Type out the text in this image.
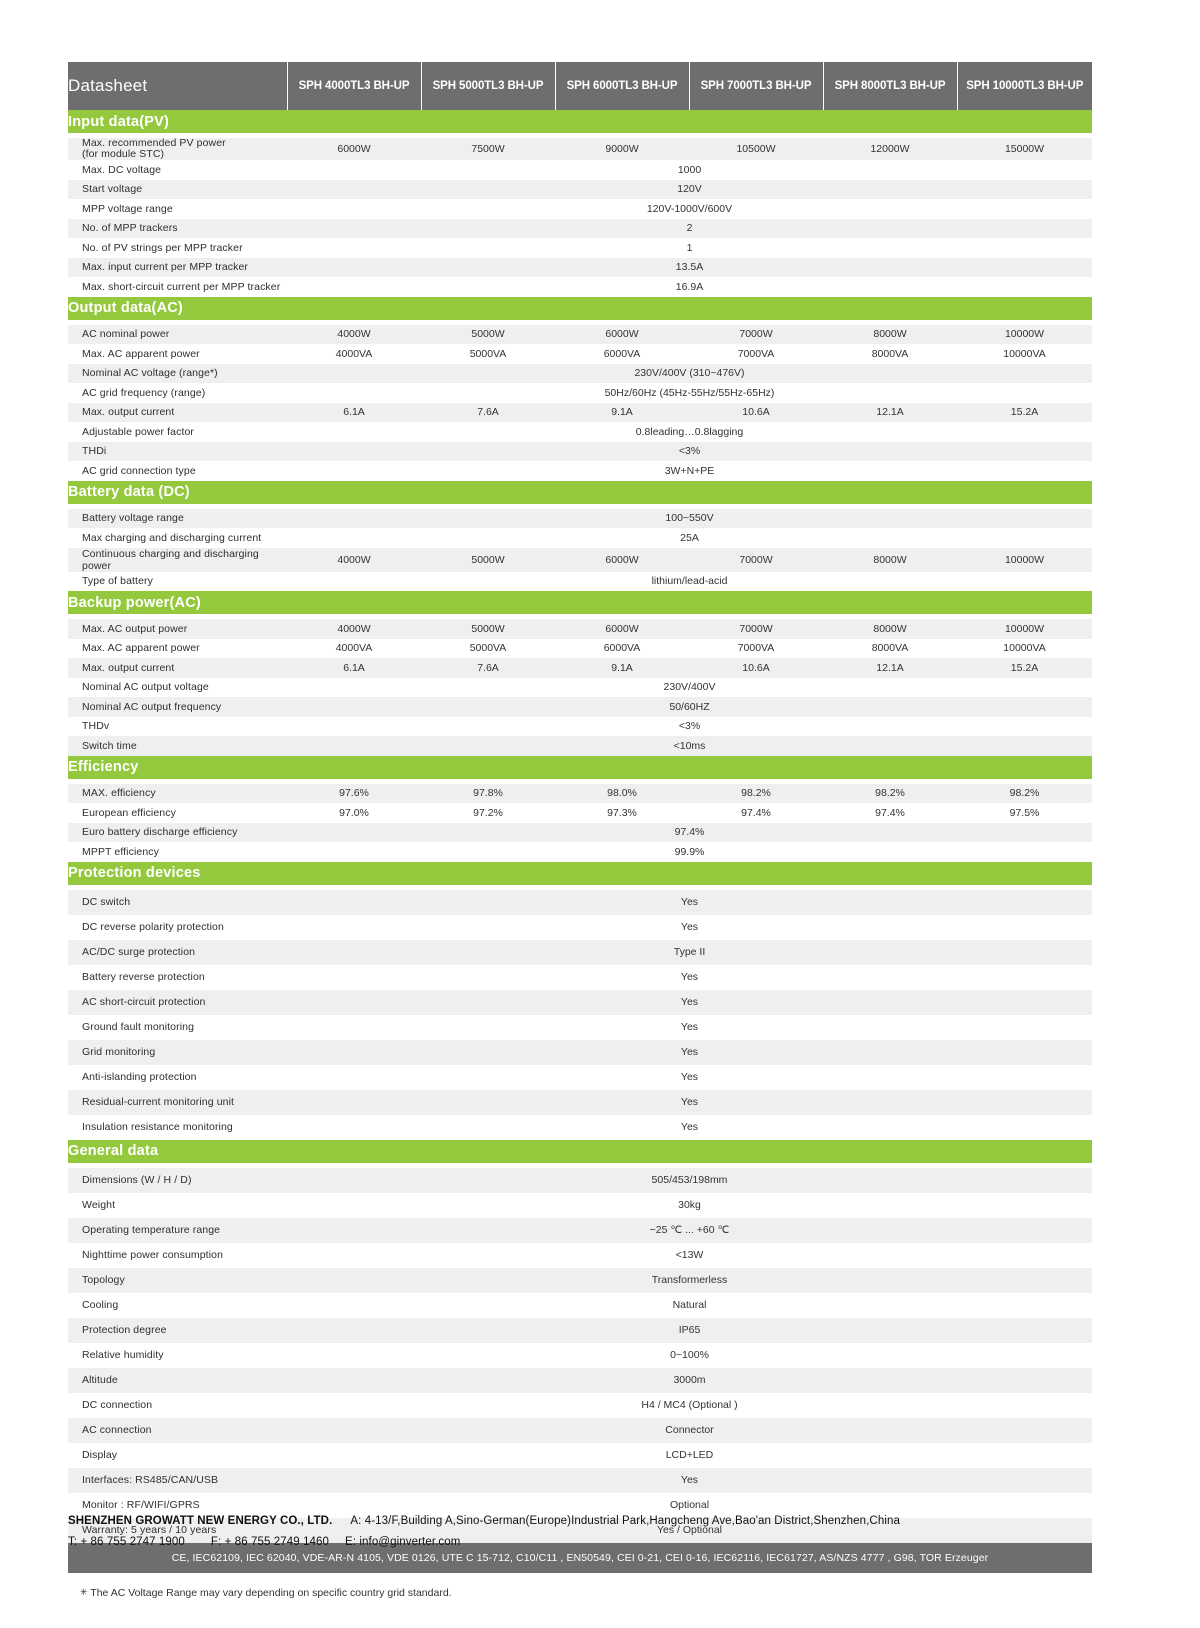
Datasheet	SPH 4000TL3 BH-UP	SPH 5000TL3 BH-UP	SPH 6000TL3 BH-UP	SPH 7000TL3 BH-UP	SPH 8000TL3 BH-UP	SPH 10000TL3 BH-UP
Input data(PV)						

Max. recommended PV power
(for module STC)	6000W	7500W	9000W	10500W	12000W	15000W
Max. DC voltage	1000					
Start voltage	120V					
MPP voltage range	120V-1000V/600V					
No. of MPP trackers	2					
No. of PV strings per MPP tracker	1					
Max. input current per MPP tracker	13.5A					
Max. short-circuit current per MPP tracker	16.9A					
Output data(AC)						

AC nominal power	4000W	5000W	6000W	7000W	8000W	10000W
Max. AC apparent power	4000VA	5000VA	6000VA	7000VA	8000VA	10000VA
Nominal AC voltage (range*)	230V/400V (310~476V)					
AC grid frequency (range)	50Hz/60Hz (45Hz-55Hz/55Hz-65Hz)					
Max. output current	6.1A	7.6A	9.1A	10.6A	12.1A	15.2A
Adjustable power factor	0.8leading…0.8lagging					
THDi	<3%					
AC grid connection type	3W+N+PE					
Battery data (DC)						

Battery voltage range	100~550V					
Max charging and discharging current	25A					
Continuous charging and discharging power	4000W	5000W	6000W	7000W	8000W	10000W
Type of battery	lithium/lead-acid					
Backup power(AC)						

Max. AC output power	4000W	5000W	6000W	7000W	8000W	10000W
Max. AC apparent power	4000VA	5000VA	6000VA	7000VA	8000VA	10000VA
Max. output current	6.1A	7.6A	9.1A	10.6A	12.1A	15.2A
Nominal AC output voltage	230V/400V					
Nominal AC output frequency	50/60HZ					
THDv	<3%					
Switch time	<10ms					
Efficiency						

MAX. efficiency	97.6%	97.8%	98.0%	98.2%	98.2%	98.2%
European efficiency	97.0%	97.2%	97.3%	97.4%	97.4%	97.5%
Euro battery discharge efficiency	97.4%					
MPPT efficiency	99.9%					
Protection devices						

DC switch	Yes					
DC reverse polarity protection	Yes					
AC/DC surge protection	Type II					
Battery reverse protection	Yes					
AC short-circuit protection	Yes					
Ground fault monitoring	Yes					
Grid monitoring	Yes					
Anti-islanding protection	Yes					
Residual-current monitoring unit	Yes					
Insulation resistance monitoring	Yes					
General data						

Dimensions (W / H / D)	505/453/198mm					
Weight	30kg					
Operating temperature range	−25 ℃ ... +60 ℃					
Nighttime power consumption	<13W					
Topology	Transformerless					
Cooling	Natural					
Protection degree	IP65					
Relative humidity	0~100%					
Altitude	3000m					
DC connection	H4 / MC4 (Optional )					
AC connection	Connector					
Display	LCD+LED					
Interfaces: RS485/CAN/USB	Yes					
Monitor : RF/WIFI/GPRS	Optional					
Warranty: 5 years / 10 years	Yes / Optional					
CE, IEC62109, IEC 62040, VDE-AR-N 4105, VDE 0126, UTE C 15-712, C10/C11 , EN50549, CEI 0-21, CEI 0-16, IEC62116, IEC61727, AS/NZS 4777 , G98, TOR Erzeuger
✳ The AC Voltage Range may vary depending on specific country grid standard.
SHENZHEN GROWATT NEW ENERGY CO., LTD. A: 4-13/F,Building A,Sino-German(Europe)Industrial Park,Hangcheng Ave,Bao'an District,Shenzhen,China
T: + 86 755 2747 1900 F: + 86 755 2749 1460 E: info@ginverter.com
